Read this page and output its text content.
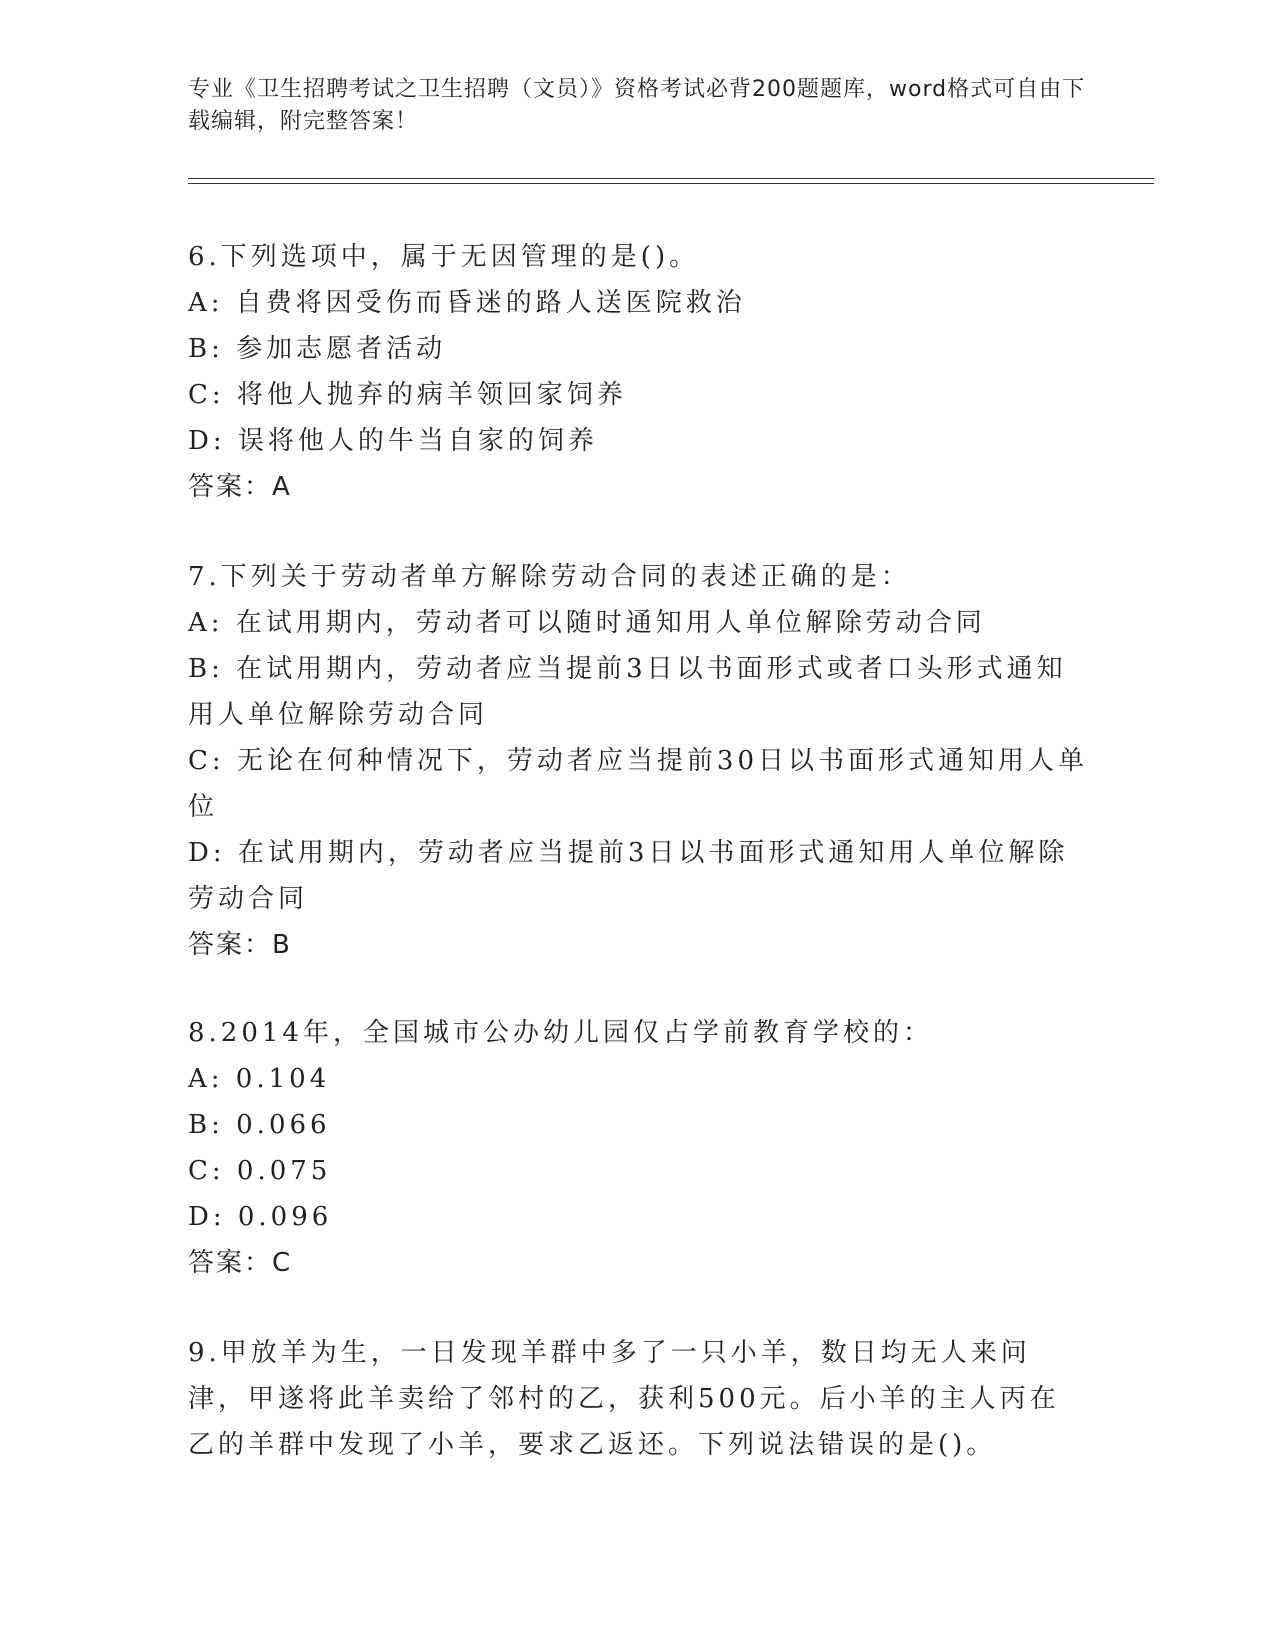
专业《卫生招聘考试之卫生招聘（文员）》资格考试必背200题题库，word格式可自由下载编辑，附完整答案！
6.下列选项中，属于无因管理的是()。
A: 自费将因受伤而昏迷的路人送医院救治
B: 参加志愿者活动
C: 将他人抛弃的病羊领回家饲养
D: 误将他人的牛当自家的饲养
答案：A
7.下列关于劳动者单方解除劳动合同的表述正确的是：
A: 在试用期内，劳动者可以随时通知用人单位解除劳动合同
B: 在试用期内，劳动者应当提前3日以书面形式或者口头形式通知用人单位解除劳动合同
C: 无论在何种情况下，劳动者应当提前30日以书面形式通知用人单位
D: 在试用期内，劳动者应当提前3日以书面形式通知用人单位解除劳动合同
答案：B
8.2014年，全国城市公办幼儿园仅占学前教育学校的：
A: 0.104
B: 0.066
C: 0.075
D: 0.096
答案：C
9.甲放羊为生，一日发现羊群中多了一只小羊，数日均无人来问津，甲遂将此羊卖给了邻村的乙，获利500元。后小羊的主人丙在乙的羊群中发现了小羊，要求乙返还。下列说法错误的是()。
